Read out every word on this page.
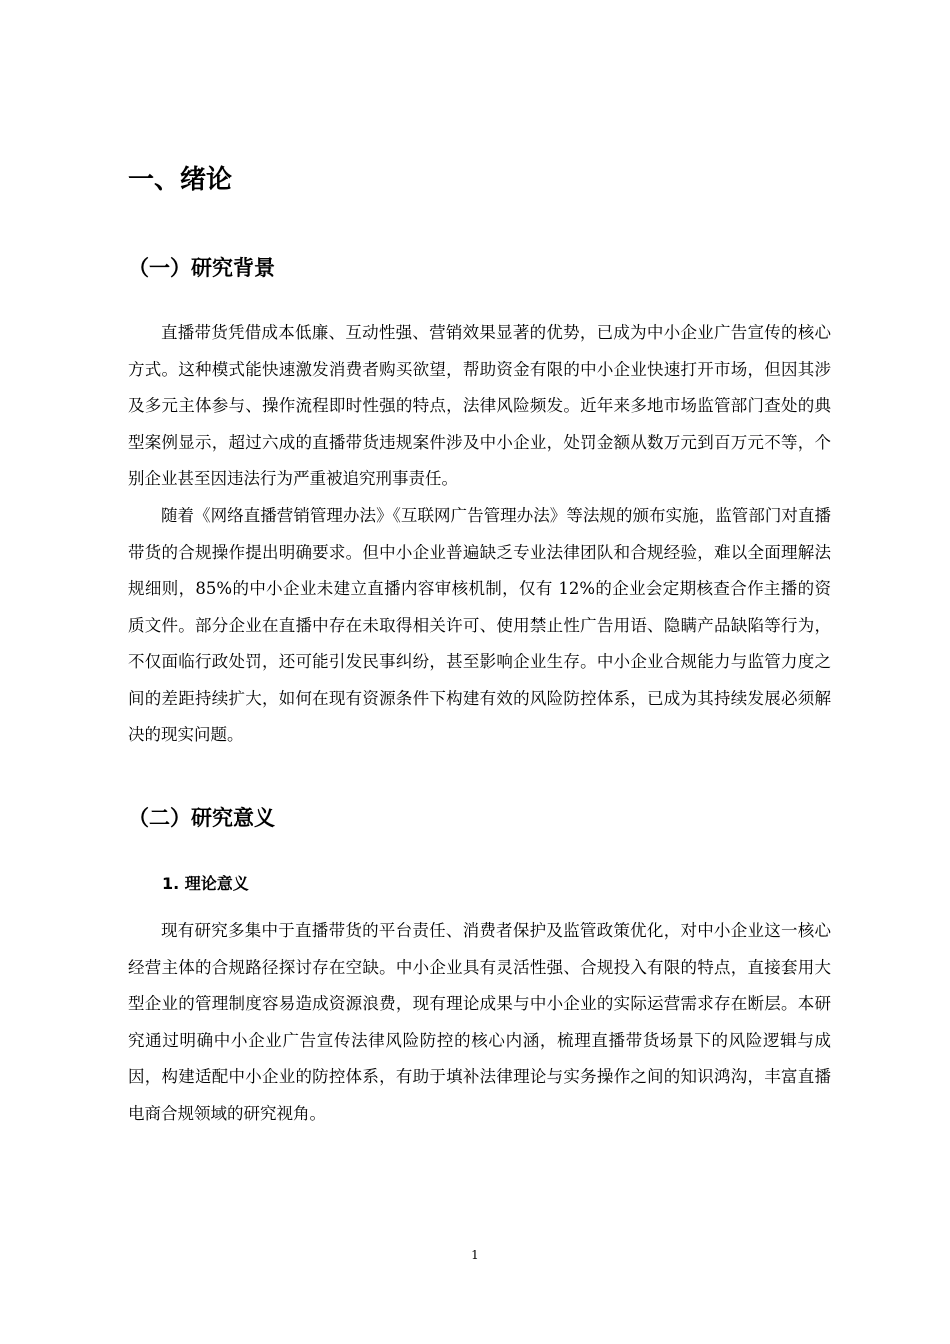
一、绪论
（一）研究背景

直播带货凭借成本低廉、互动性强、营销效果显著的优势，已成为中小企业广告宣传的核心方式。这种模式能快速激发消费者购买欲望，帮助资金有限的中小企业快速打开市场，但因其涉及多元主体参与、操作流程即时性强的特点，法律风险频发。近年来多地市场监管部门查处的典型案例显示，超过六成的直播带货违规案件涉及中小企业，处罚金额从数万元到百万元不等，个别企业甚至因违法行为严重被追究刑事责任。

随着《网络直播营销管理办法》《互联网广告管理办法》等法规的颁布实施，监管部门对直播带货的合规操作提出明确要求。但中小企业普遍缺乏专业法律团队和合规经验，难以全面理解法规细则，85%的中小企业未建立直播内容审核机制，仅有 12%的企业会定期核查合作主播的资质文件。部分企业在直播中存在未取得相关许可、使用禁止性广告用语、隐瞒产品缺陷等行为，不仅面临行政处罚，还可能引发民事纠纷，甚至影响企业生存。中小企业合规能力与监管力度之间的差距持续扩大，如何在现有资源条件下构建有效的风险防控体系，已成为其持续发展必须解决的现实问题。

（二）研究意义
1. 理论意义

现有研究多集中于直播带货的平台责任、消费者保护及监管政策优化，对中小企业这一核心经营主体的合规路径探讨存在空缺。中小企业具有灵活性强、合规投入有限的特点，直接套用大型企业的管理制度容易造成资源浪费，现有理论成果与中小企业的实际运营需求存在断层。本研究通过明确中小企业广告宣传法律风险防控的核心内涵，梳理直播带货场景下的风险逻辑与成因，构建适配中小企业的防控体系，有助于填补法律理论与实务操作之间的知识鸿沟，丰富直播电商合规领域的研究视角。

1
